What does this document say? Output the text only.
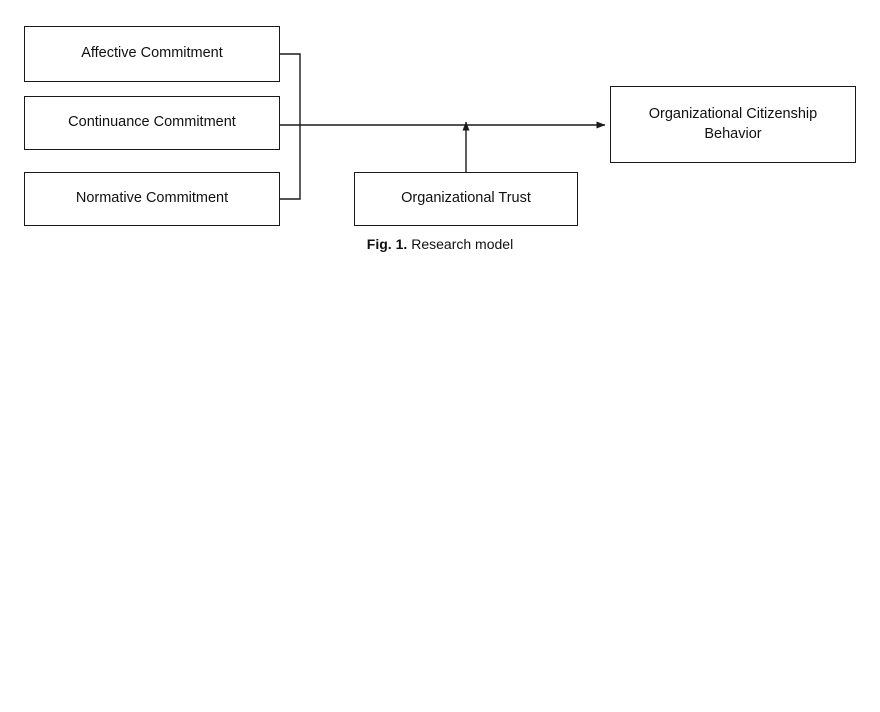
Affective Commitment
Continuance Commitment
Normative Commitment	Organizational Trust
Organizational Citizenship Behavior
Fig. 1. Research model
